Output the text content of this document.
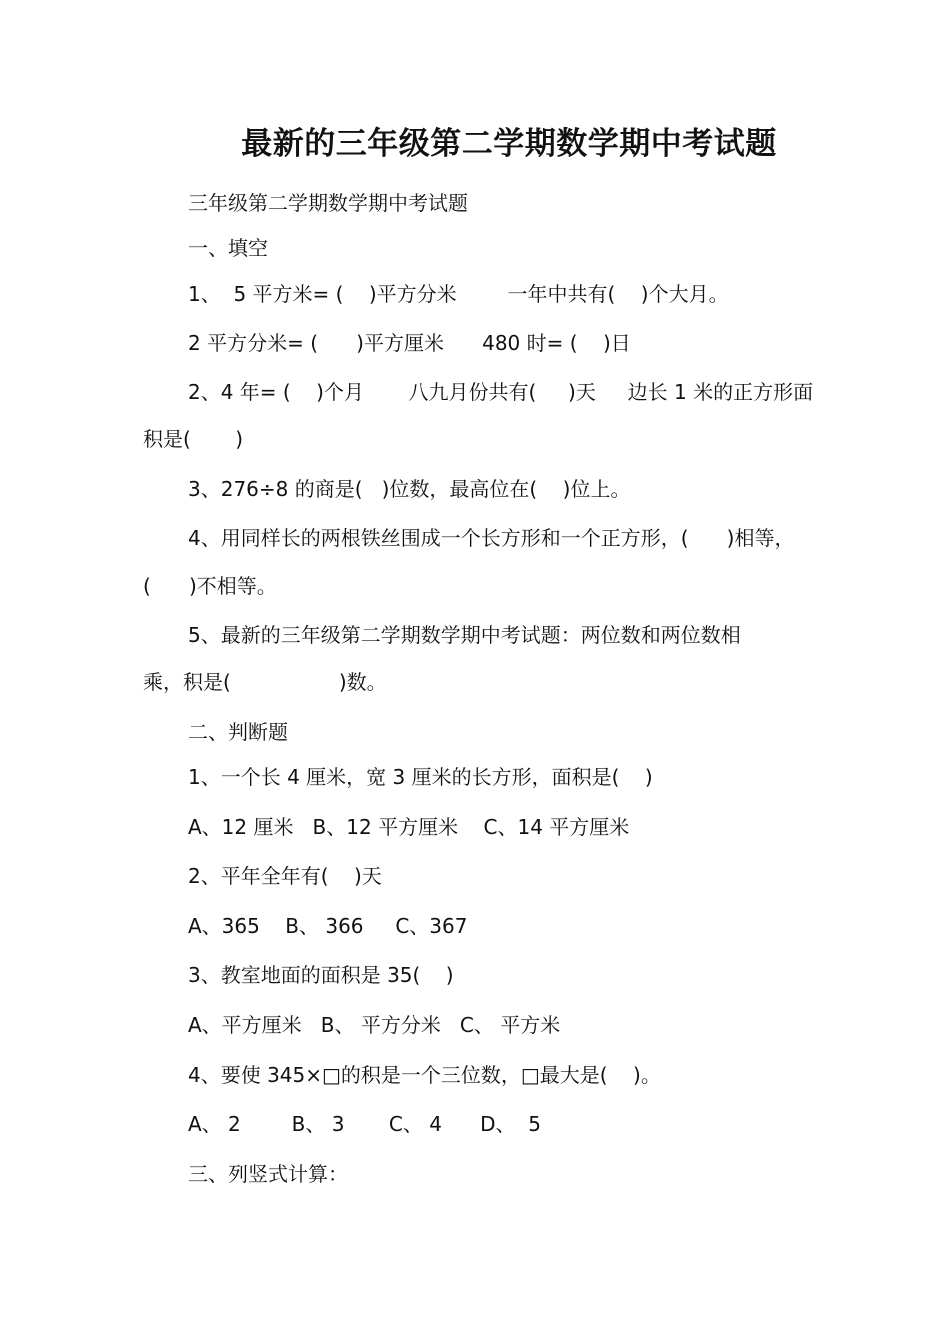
最新的三年级第二学期数学期中考试题
三年级第二学期数学期中考试题
一、填空
1、  5 平方米= (    )平方分米        一年中共有(    )个大月。
2 平方分米= (      )平方厘米      480 时= (    )日
2、4 年= (    )个月       八九月份共有(     )天     边长 1 米的正方形面
积是(       )
3、276÷8 的商是(   )位数，最高位在(    )位上。
4、用同样长的两根铁丝围成一个长方形和一个正方形，(      )相等，
(      )不相等。
5、最新的三年级第二学期数学期中考试题：两位数和两位数相
乘，积是(                 )数。
二、判断题
1、一个长 4 厘米，宽 3 厘米的长方形，面积是(    )
A、12 厘米   B、12 平方厘米    C、14 平方厘米
2、平年全年有(    )天
A、365    B、 366     C、367
3、教室地面的面积是 35(    )
A、平方厘米   B、 平方分米   C、 平方米
4、要使 345×□的积是一个三位数，□最大是(    )。
A、 2        B、 3       C、 4      D、  5
三、列竖式计算：
